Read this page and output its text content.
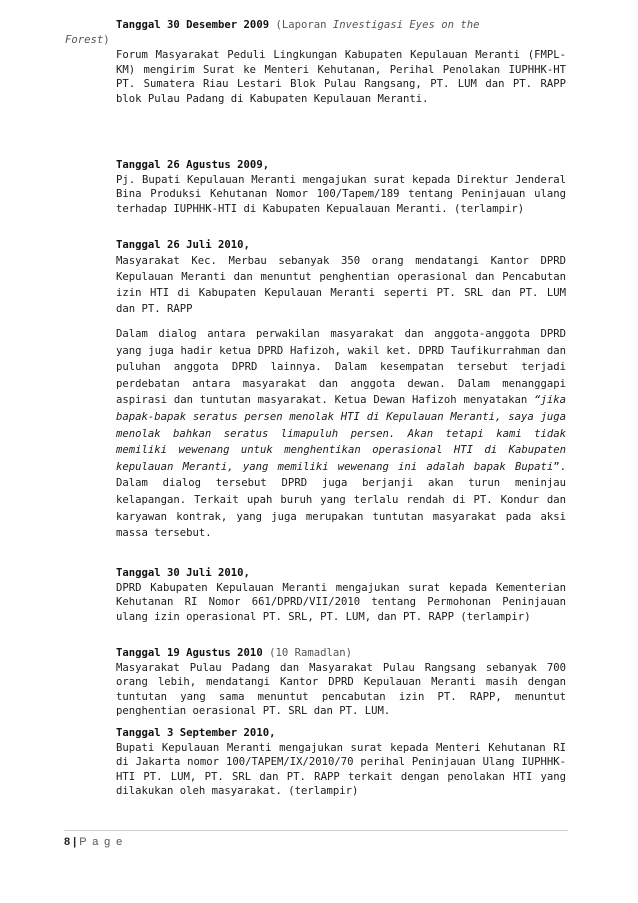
Tanggal 30 Desember 2009 (Laporan Investigasi Eyes on the
Forest)

Forum Masyarakat Peduli Lingkungan Kabupaten Kepulauan Meranti (FMPL-KM) mengirim Surat ke Menteri Kehutanan, Perihal Penolakan IUPHHK-HT PT. Sumatera Riau Lestari Blok Pulau Rangsang, PT. LUM dan PT. RAPP blok Pulau Padang di Kabupaten Kepulauan Meranti.

Tanggal 26 Agustus 2009,

Pj. Bupati Kepulauan Meranti mengajukan surat kepada Direktur Jenderal Bina Produksi Kehutanan Nomor 100/Tapem/189 tentang Peninjauan ulang terhadap IUPHHK-HTI di Kabupaten Kepualauan Meranti. (terlampir)

Tanggal 26 Juli 2010,

Masyarakat Kec. Merbau sebanyak 350 orang mendatangi Kantor DPRD Kepulauan Meranti dan menuntut penghentian operasional dan Pencabutan izin HTI di Kabupaten Kepulauan Meranti seperti PT. SRL dan PT. LUM dan PT. RAPP

Dalam dialog antara perwakilan masyarakat dan anggota-anggota DPRD yang juga hadir ketua DPRD Hafizoh, wakil ket. DPRD Taufikurrahman dan puluhan anggota DPRD lainnya. Dalam kesempatan tersebut terjadi perdebatan antara masyarakat dan anggota dewan. Dalam menanggapi aspirasi dan tuntutan masyarakat. Ketua Dewan Hafizoh menyatakan “jika bapak-bapak seratus persen menolak HTI di Kepulauan Meranti, saya juga menolak bahkan seratus limapuluh persen. Akan tetapi kami tidak memiliki wewenang untuk menghentikan operasional HTI di Kabupaten kepulauan Meranti, yang memiliki wewenang ini adalah bapak Bupati”. Dalam dialog tersebut DPRD juga berjanji akan turun meninjau kelapangan. Terkait upah buruh yang terlalu rendah di PT. Kondur dan karyawan kontrak, yang juga merupakan tuntutan masyarakat pada aksi massa tersebut.

Tanggal 30 Juli 2010,

DPRD Kabupaten Kepulauan Meranti mengajukan surat kepada Kementerian Kehutanan RI Nomor 661/DPRD/VII/2010 tentang Permohonan Peninjauan ulang izin operasional PT. SRL, PT. LUM, dan PT. RAPP (terlampir)

Tanggal 19 Agustus 2010 (10 Ramadlan)

Masyarakat Pulau Padang dan Masyarakat Pulau Rangsang sebanyak 700 orang lebih, mendatangi Kantor DPRD Kepulauan Meranti masih dengan tuntutan yang sama menuntut pencabutan izin PT. RAPP, menuntut penghentian oerasional PT. SRL dan PT. LUM.

Tanggal 3 September 2010,

Bupati Kepulauan Meranti mengajukan surat kepada Menteri Kehutanan RI di Jakarta nomor 100/TAPEM/IX/2010/70 perihal Peninjauan Ulang IUPHHK-HTI PT. LUM, PT. SRL dan PT. RAPP terkait dengan penolakan HTI yang dilakukan oleh masyarakat. (terlampir)

8 | P a g e
